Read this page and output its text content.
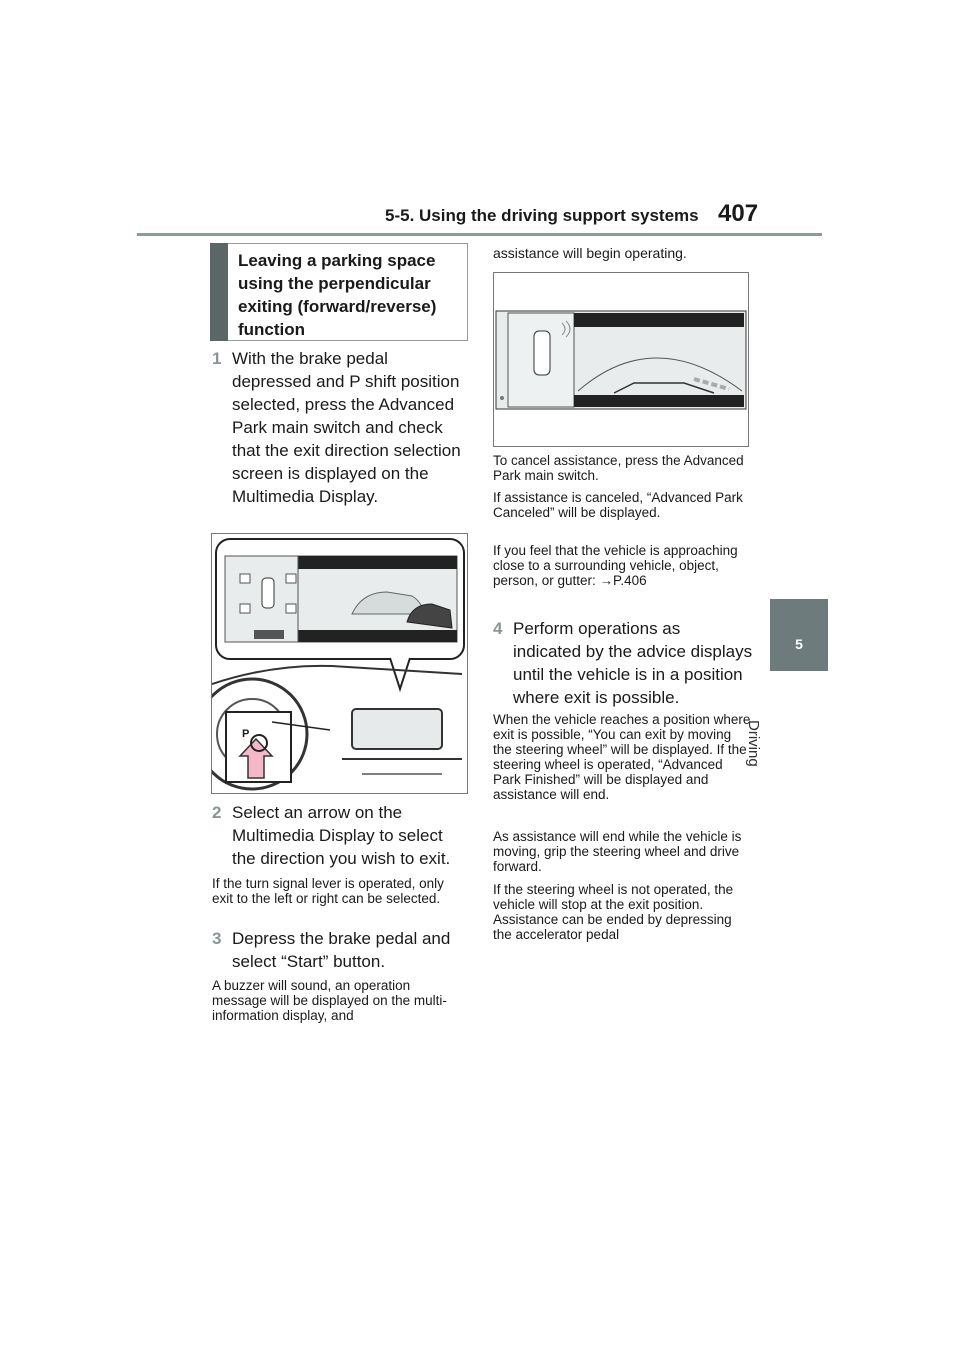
5-5. Using the driving support systems 407
5
Driving
Leaving a parking space using the perpendicular exiting (forward/reverse) function
1 With the brake pedal depressed and P shift position selected, press the Advanced Park main switch and check that the exit direction selection screen is displayed on the Multimedia Display.
P
2 Select an arrow on the Multimedia Display to select the direction you wish to exit.
If the turn signal lever is operated, only exit to the left or right can be selected.
3 Depress the brake pedal and select “Start” button.
A buzzer will sound, an operation message will be displayed on the multi-information display, and
assistance will begin operating.
To cancel assistance, press the Advanced Park main switch.
If assistance is canceled, “Advanced Park Canceled” will be displayed.
If you feel that the vehicle is approaching close to a surrounding vehicle, object, person, or gutter: →P.406
4 Perform operations as indicated by the advice displays until the vehicle is in a position where exit is possible.
When the vehicle reaches a position where exit is possible, “You can exit by moving the steering wheel” will be displayed. If the steering wheel is operated, “Advanced Park Finished” will be displayed and assistance will end.
As assistance will end while the vehicle is moving, grip the steering wheel and drive forward.
If the steering wheel is not operated, the vehicle will stop at the exit position. Assistance can be ended by depressing the accelerator pedal
